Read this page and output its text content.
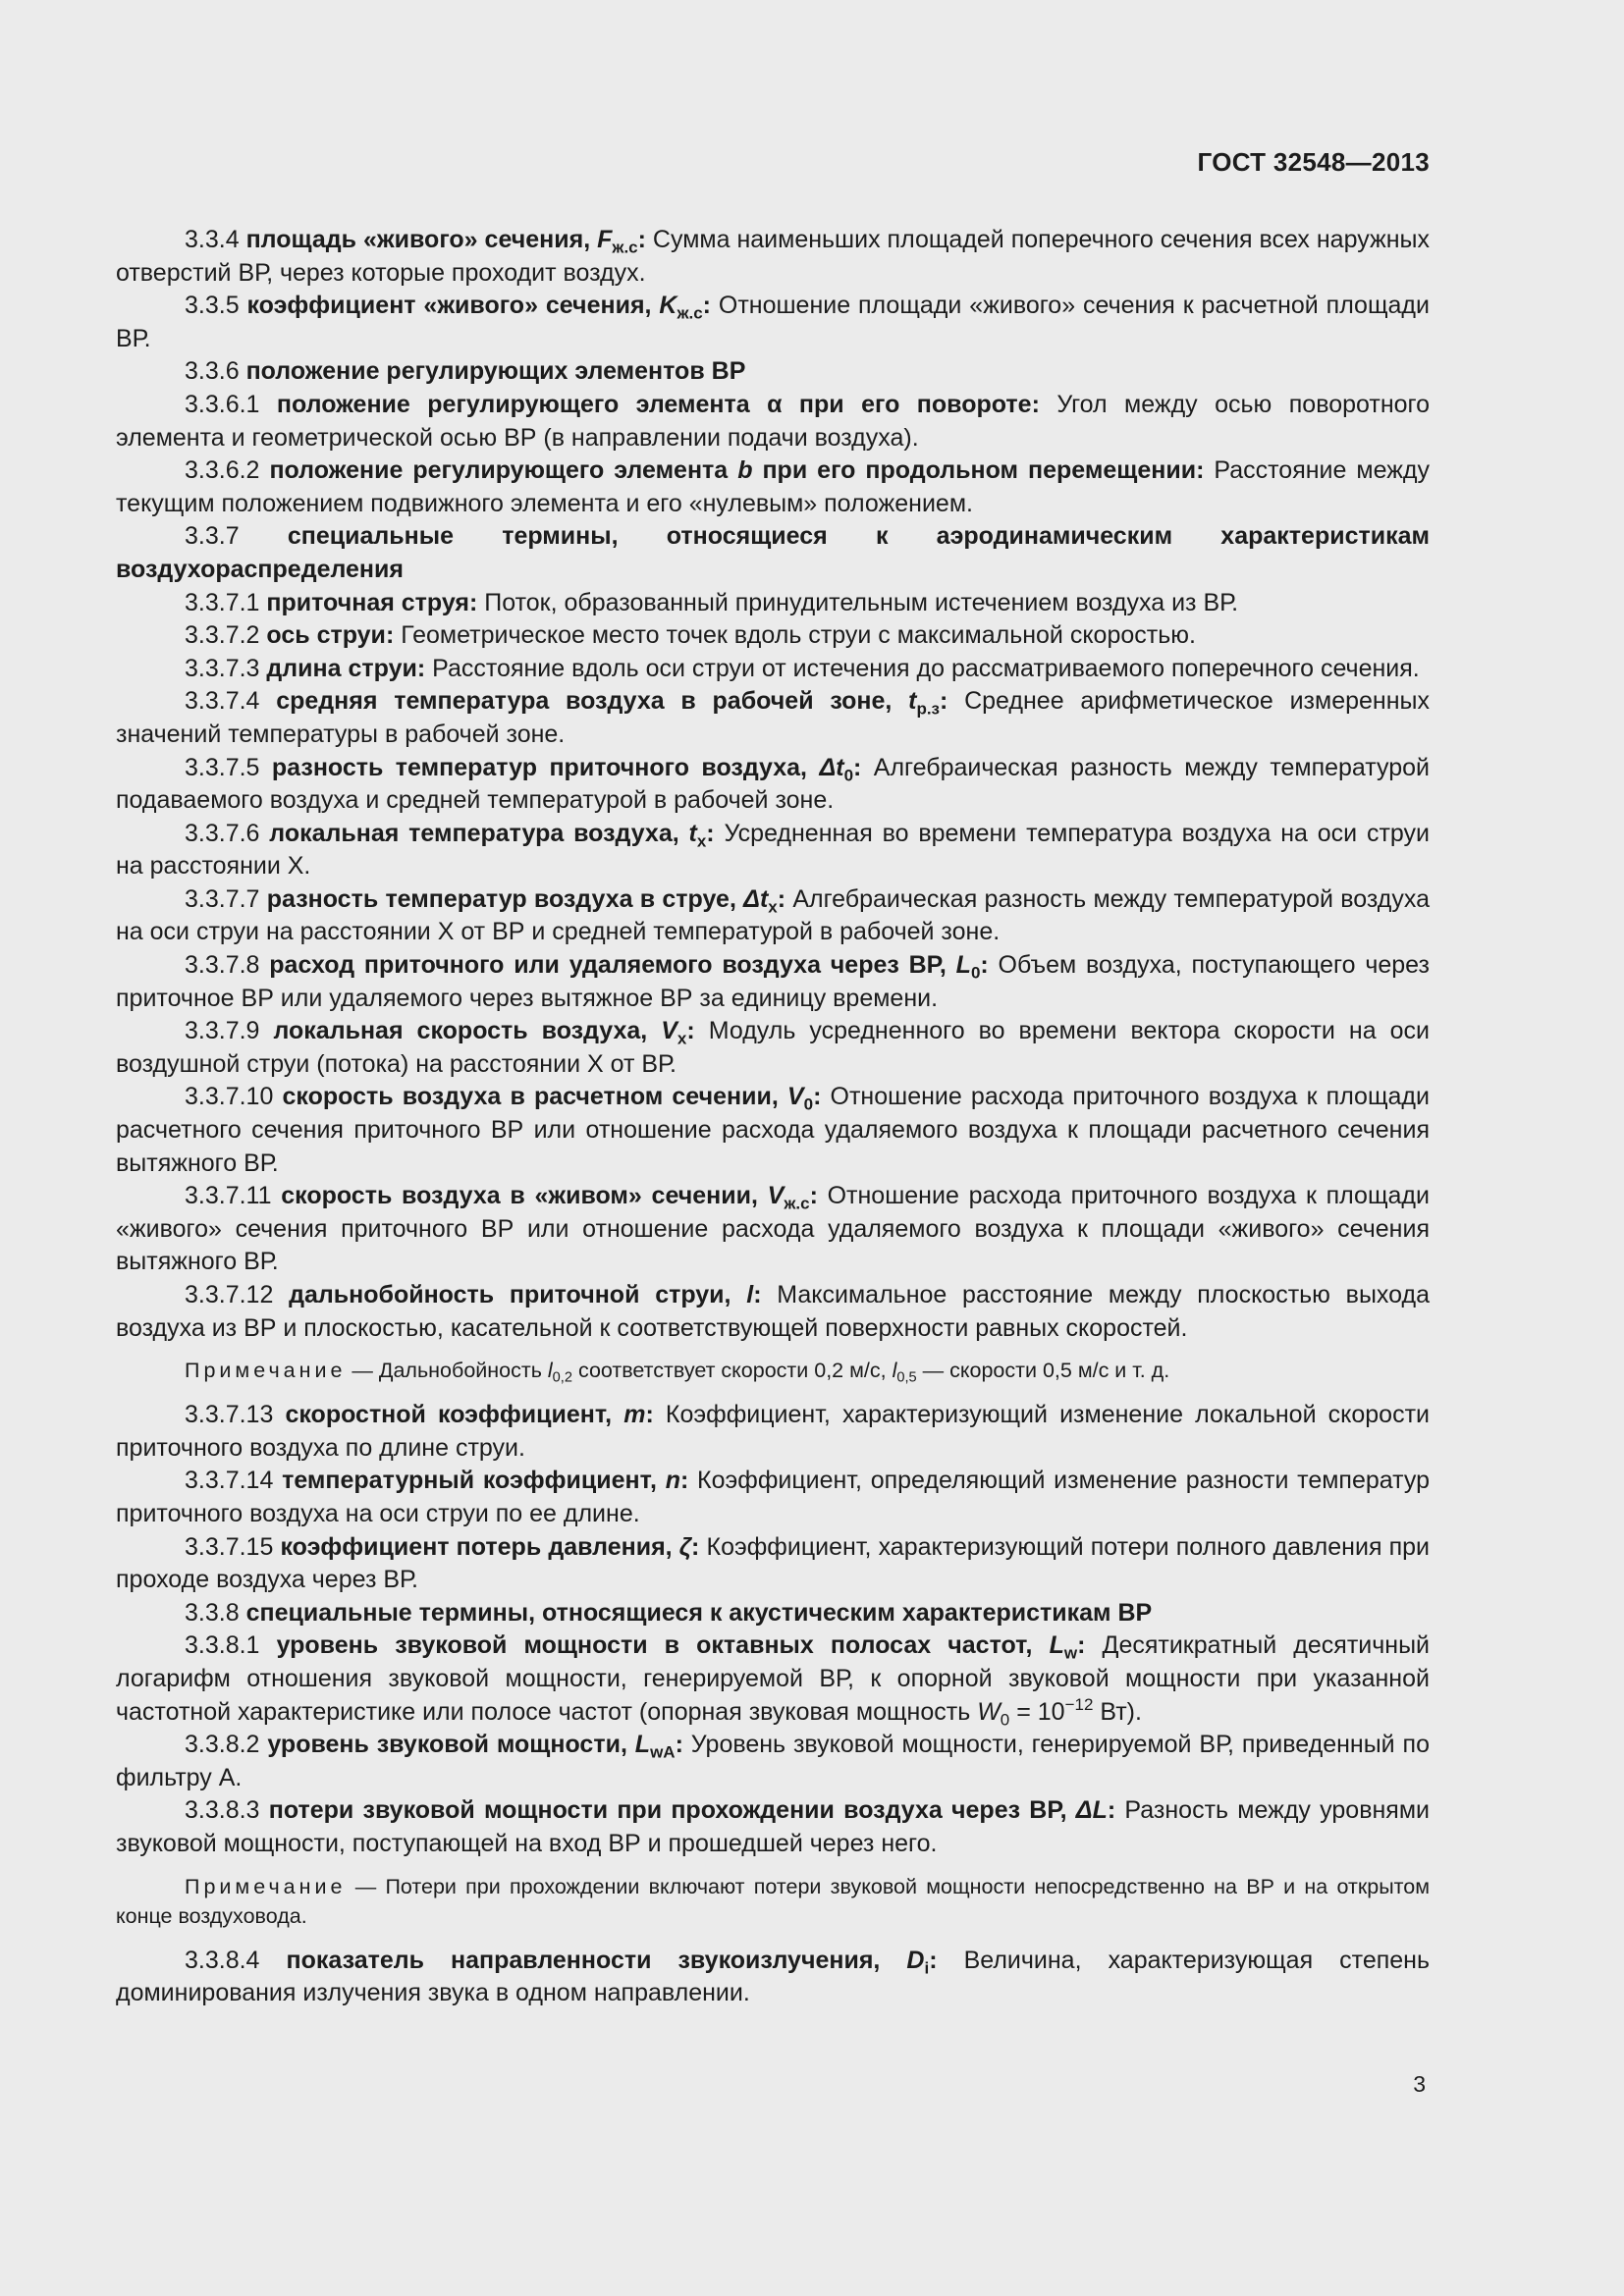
ГОСТ 32548—2013

3.3.4 площадь «живого» сечения, $F_{ж.с}$: Сумма наименьших площадей поперечного сечения всех наружных отверстий ВР, через которые проходит воздух.

3.3.5 коэффициент «живого» сечения, $K_{ж.с}$: Отношение площади «живого» сечения к расчетной площади ВР.

3.3.6 положение регулирующих элементов ВР

3.3.6.1 положение регулирующего элемента α при его повороте: Угол между осью поворотного элемента и геометрической осью ВР (в направлении подачи воздуха).

3.3.6.2 положение регулирующего элемента b при его продольном перемещении: Расстояние между текущим положением подвижного элемента и его «нулевым» положением.

3.3.7 специальные термины, относящиеся к аэродинамическим характеристикам воздухораспределения

3.3.7.1 приточная струя: Поток, образованный принудительным истечением воздуха из ВР.

3.3.7.2 ось струи: Геометрическое место точек вдоль струи с максимальной скоростью.

3.3.7.3 длина струи: Расстояние вдоль оси струи от истечения до рассматриваемого поперечного сечения.

3.3.7.4 средняя температура воздуха в рабочей зоне, $t_{р.з}$: Среднее арифметическое измеренных значений температуры в рабочей зоне.

3.3.7.5 разность температур приточного воздуха, $\Delta t_0$: Алгебраическая разность между температурой подаваемого воздуха и средней температурой в рабочей зоне.

3.3.7.6 локальная температура воздуха, $t_x$: Усредненная во времени температура воздуха на оси струи на расстоянии X.

3.3.7.7 разность температур воздуха в струе, $\Delta t_x$: Алгебраическая разность между температурой воздуха на оси струи на расстоянии X от ВР и средней температурой в рабочей зоне.

3.3.7.8 расход приточного или удаляемого воздуха через ВР, $L_0$: Объем воздуха, поступающего через приточное ВР или удаляемого через вытяжное ВР за единицу времени.

3.3.7.9 локальная скорость воздуха, $V_x$: Модуль усредненного во времени вектора скорости на оси воздушной струи (потока) на расстоянии X от ВР.

3.3.7.10 скорость воздуха в расчетном сечении, $V_0$: Отношение расхода приточного воздуха к площади расчетного сечения приточного ВР или отношение расхода удаляемого воздуха к площади расчетного сечения вытяжного ВР.

3.3.7.11 скорость воздуха в «живом» сечении, $V_{ж.с}$: Отношение расхода приточного воздуха к площади «живого» сечения приточного ВР или отношение расхода удаляемого воздуха к площади «живого» сечения вытяжного ВР.

3.3.7.12 дальнобойность приточной струи, l: Максимальное расстояние между плоскостью выхода воздуха из ВР и плоскостью, касательной к соответствующей поверхности равных скоростей.

Примечание — Дальнобойность $l_{0,2}$ соответствует скорости 0,2 м/с, $l_{0,5}$ — скорости 0,5 м/с и т. д.

3.3.7.13 скоростной коэффициент, m: Коэффициент, характеризующий изменение локальной скорости приточного воздуха по длине струи.

3.3.7.14 температурный коэффициент, n: Коэффициент, определяющий изменение разности температур приточного воздуха на оси струи по ее длине.

3.3.7.15 коэффициент потерь давления, ζ: Коэффициент, характеризующий потери полного давления при проходе воздуха через ВР.

3.3.8 специальные термины, относящиеся к акустическим характеристикам ВР

3.3.8.1 уровень звуковой мощности в октавных полосах частот, $L_w$: Десятикратный десятичный логарифм отношения звуковой мощности, генерируемой ВР, к опорной звуковой мощности при указанной частотной характеристике или полосе частот (опорная звуковая мощность $W_0 = 10^{-12}$ Вт).

3.3.8.2 уровень звуковой мощности, $L_{wA}$: Уровень звуковой мощности, генерируемой ВР, приведенный по фильтру А.

3.3.8.3 потери звуковой мощности при прохождении воздуха через ВР, ΔL: Разность между уровнями звуковой мощности, поступающей на вход ВР и прошедшей через него.

Примечание — Потери при прохождении включают потери звуковой мощности непосредственно на ВР и на открытом конце воздуховода.

3.3.8.4 показатель направленности звукоизлучения, $D_i$: Величина, характеризующая степень доминирования излучения звука в одном направлении.

3
